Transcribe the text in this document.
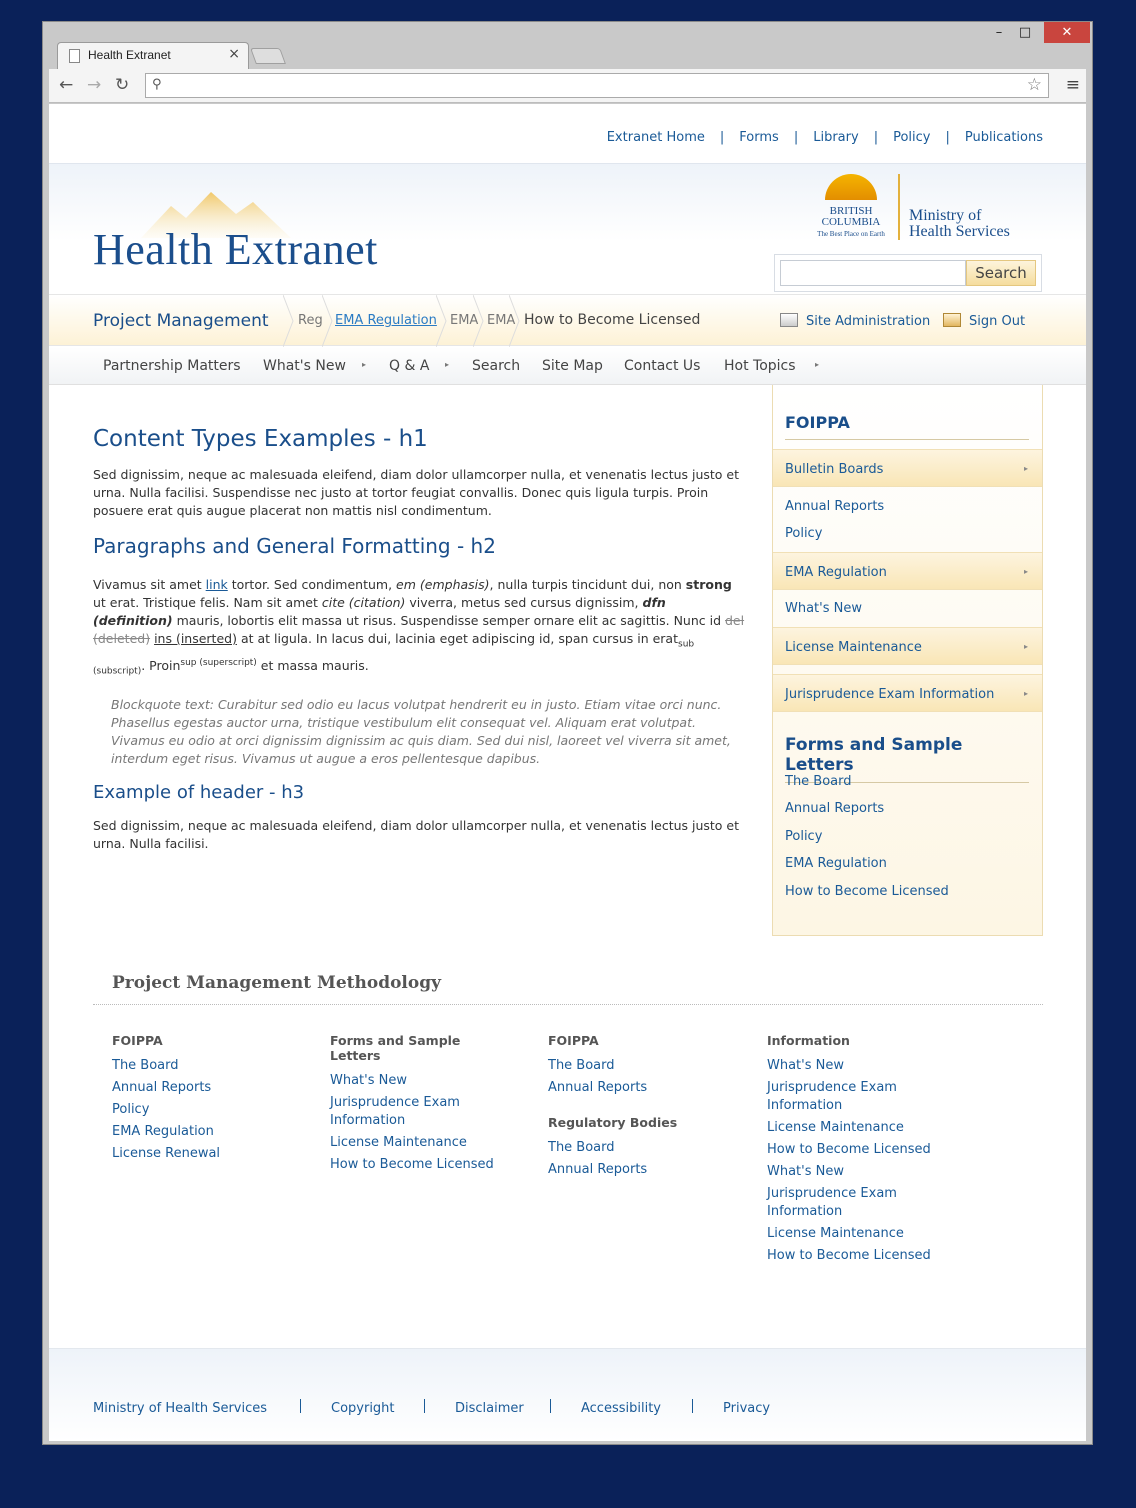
Health Extranet	×
–	□	✕
← → ↻ ⚲	☆ ≡
Extranet Home | Forms | Library | Policy | Publications
Health Extranet
BRITISH
COLUMBIA
The Best Place on Earth
Ministry of
Health Services
Search
Project Management Reg EMA Regulation EMA EMA How to Become Licensed	Site Administration	Sign Out
Partnership Matters What's New ▸ Q & A ▸ Search Site Map Contact Us Hot Topics ▸
Content Types Examples - h1

Sed dignissim, neque ac malesuada eleifend, diam dolor ullamcorper nulla, et venenatis lectus justo et urna. Nulla facilisi. Suspendisse nec justo at tortor feugiat convallis. Donec quis ligula turpis. Proin posuere erat quis augue placerat non mattis nisl condimentum.

Paragraphs and General Formatting - h2

Vivamus sit amet link tortor. Sed condimentum, em (emphasis), nulla turpis tincidunt dui, non strong ut erat. Tristique felis. Nam sit amet cite (citation) viverra, metus sed cursus dignissim, dfn (definition) mauris, lobortis elit massa ut risus. Suspendisse semper ornare elit ac sagittis. Nunc id del (deleted) ins (inserted) at at ligula. In lacus dui, lacinia eget adipiscing id, span cursus in erat$_{sub (subscript)}$. Proin$^{sup (superscript)}$ et massa mauris.

Blockquote text: Curabitur sed odio eu lacus volutpat hendrerit eu in justo. Etiam vitae orci nunc. Phasellus egestas auctor urna, tristique vestibulum elit consequat vel. Aliquam erat volutpat. Vivamus eu odio at orci dignissim dignissim ac quis diam. Sed dui nisl, laoreet vel viverra sit amet, interdum eget risus. Vivamus ut augue a eros pellentesque dapibus.
Example of header - h3

Sed dignissim, neque ac malesuada eleifend, diam dolor ullamcorper nulla, et venenatis lectus justo et urna. Nulla facilisi.

FOIPPA
Bulletin Boards	▸
Annual Reports
Policy
EMA Regulation	▸
What's New
License Maintenance	▸
Jurisprudence Exam Information	▸
Forms and Sample Letters
The Board
Annual Reports
Policy
EMA Regulation
How to Become Licensed
Project Management Methodology
FOIPPA
The Board
Annual Reports
Policy
EMA Regulation
License Renewal
Forms and Sample Letters
What's New
Jurisprudence Exam Information
License Maintenance
How to Become Licensed
FOIPPA
The Board
Annual Reports
Regulatory Bodies
The Board
Annual Reports
Information
What's New
Jurisprudence Exam Information
License Maintenance
How to Become Licensed
What's New
Jurisprudence Exam Information
License Maintenance
How to Become Licensed
Ministry of Health Services	Copyright	Disclaimer	Accessibility	Privacy
